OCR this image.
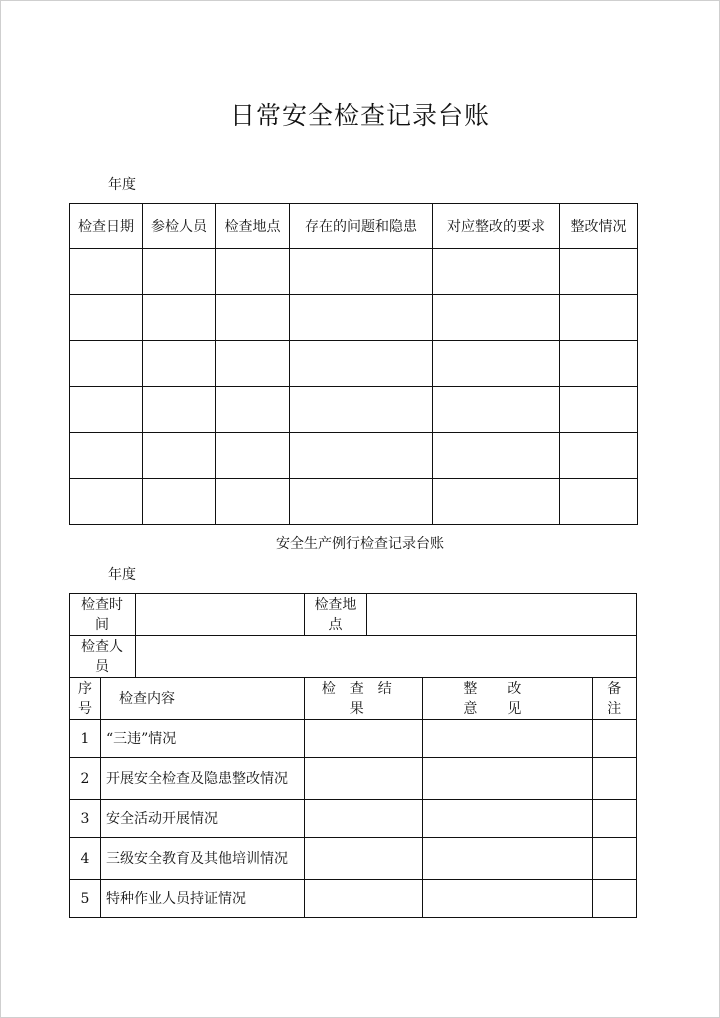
日常安全检查记录台账
年度
检查日期	参检人员	检查地点	存在的问题和隐患	对应整改的要求	整改情况

安全生产例行检查记录台账
年度
检查时间			检查地点			

检查人员						

序号	检查内容		检查结果		整改意见	备注

1	“三违”情况					
2	开展安全检查及隐患整改情况					
3	安全活动开展情况					
4	三级安全教育及其他培训情况					
5	特种作业人员持证情况					
